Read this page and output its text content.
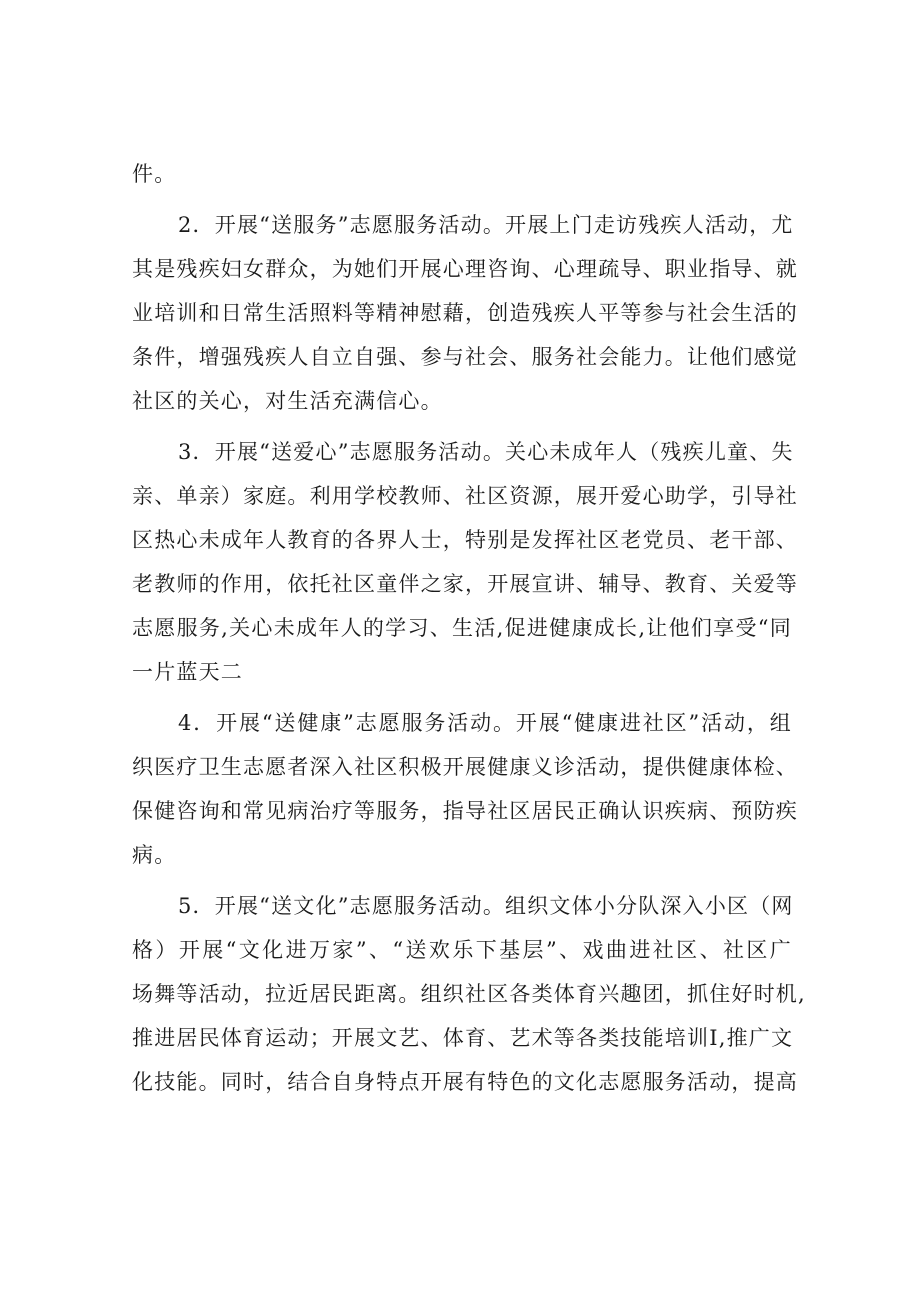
件。
2．开展“送服务”志愿服务活动。开展上门走访残疾人活动，尤
其是残疾妇女群众，为她们开展心理咨询、心理疏导、职业指导、就
业培训和日常生活照料等精神慰藉，创造残疾人平等参与社会生活的
条件，增强残疾人自立自强、参与社会、服务社会能力。让他们感觉
社区的关心，对生活充满信心。
3．开展“送爱心”志愿服务活动。关心未成年人（残疾儿童、失
亲、单亲）家庭。利用学校教师、社区资源，展开爱心助学，引导社
区热心未成年人教育的各界人士，特别是发挥社区老党员、老干部、
老教师的作用，依托社区童伴之家，开展宣讲、辅导、教育、关爱等
志愿服务,关心未成年人的学习、生活,促进健康成长,让他们享受“同
一片蓝天二
4．开展“送健康”志愿服务活动。开展“健康进社区”活动，组
织医疗卫生志愿者深入社区积极开展健康义诊活动，提供健康体检、
保健咨询和常见病治疗等服务，指导社区居民正确认识疾病、预防疾
病。
5．开展“送文化”志愿服务活动。组织文体小分队深入小区（网
格）开展“文化进万家”、“送欢乐下基层”、戏曲进社区、社区广
场舞等活动，拉近居民距离。组织社区各类体育兴趣团，抓住好时机,
推进居民体育运动；开展文艺、体育、艺术等各类技能培训I,推广文
化技能。同时，结合自身特点开展有特色的文化志愿服务活动，提高
